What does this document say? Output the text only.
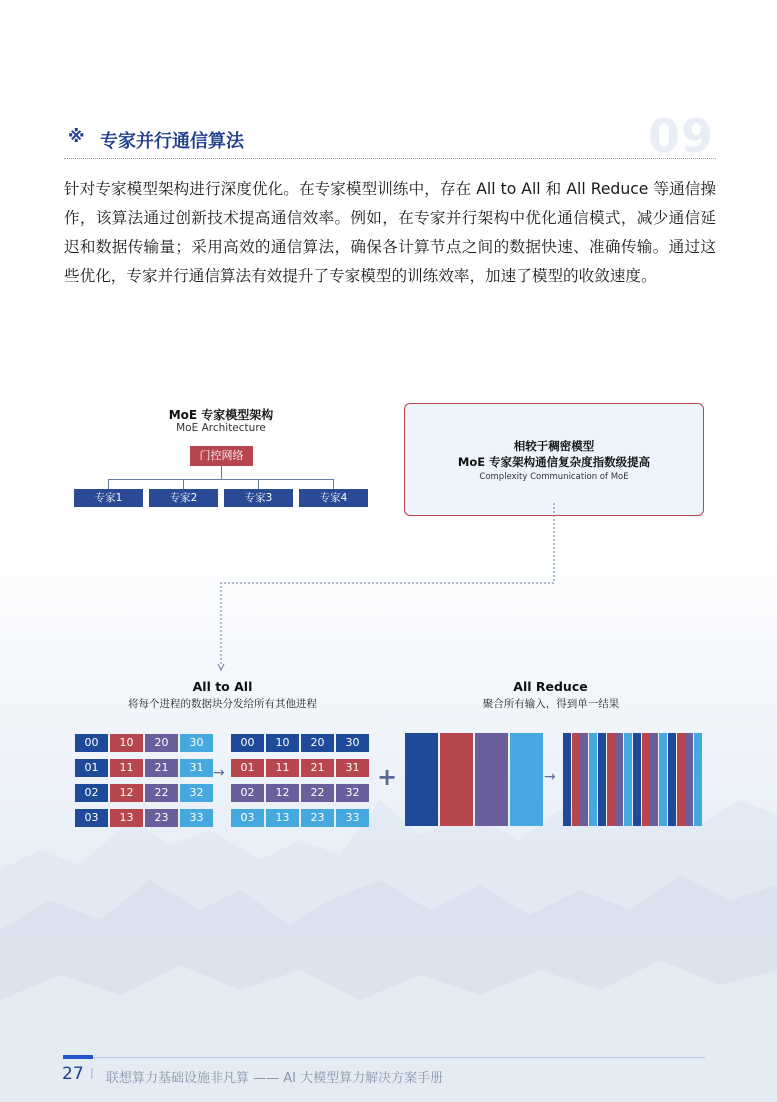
※ 专家并行通信算法	09
针对专家模型架构进行深度优化。在专家模型训练中，存在 All to All 和 All Reduce 等通信操作，该算法通过创新技术提高通信效率。例如，在专家并行架构中优化通信模式，减少通信延迟和数据传输量；采用高效的通信算法，确保各计算节点之间的数据快速、准确传输。通过这些优化，专家并行通信算法有效提升了专家模型的训练效率，加速了模型的收敛速度。
MoE 专家模型架构
MoE Architecture
门控网络
专家1	专家2	专家3	专家4
相较于稠密模型
MoE 专家架构通信复杂度指数级提高
Complexity Communication of MoE
All to All
将每个进程的数据块分发给所有其他进程
All Reduce
聚合所有输入，得到单一结果
00	10	20	30
01	11	21	31
02	12	22	32
03	13	23	33
00	10	20	30
01	11	21	31
02	12	22	32
03	13	23	33
→	+	→
27 | 联想算力基础设施非凡算 —— AI 大模型算力解决方案手册
